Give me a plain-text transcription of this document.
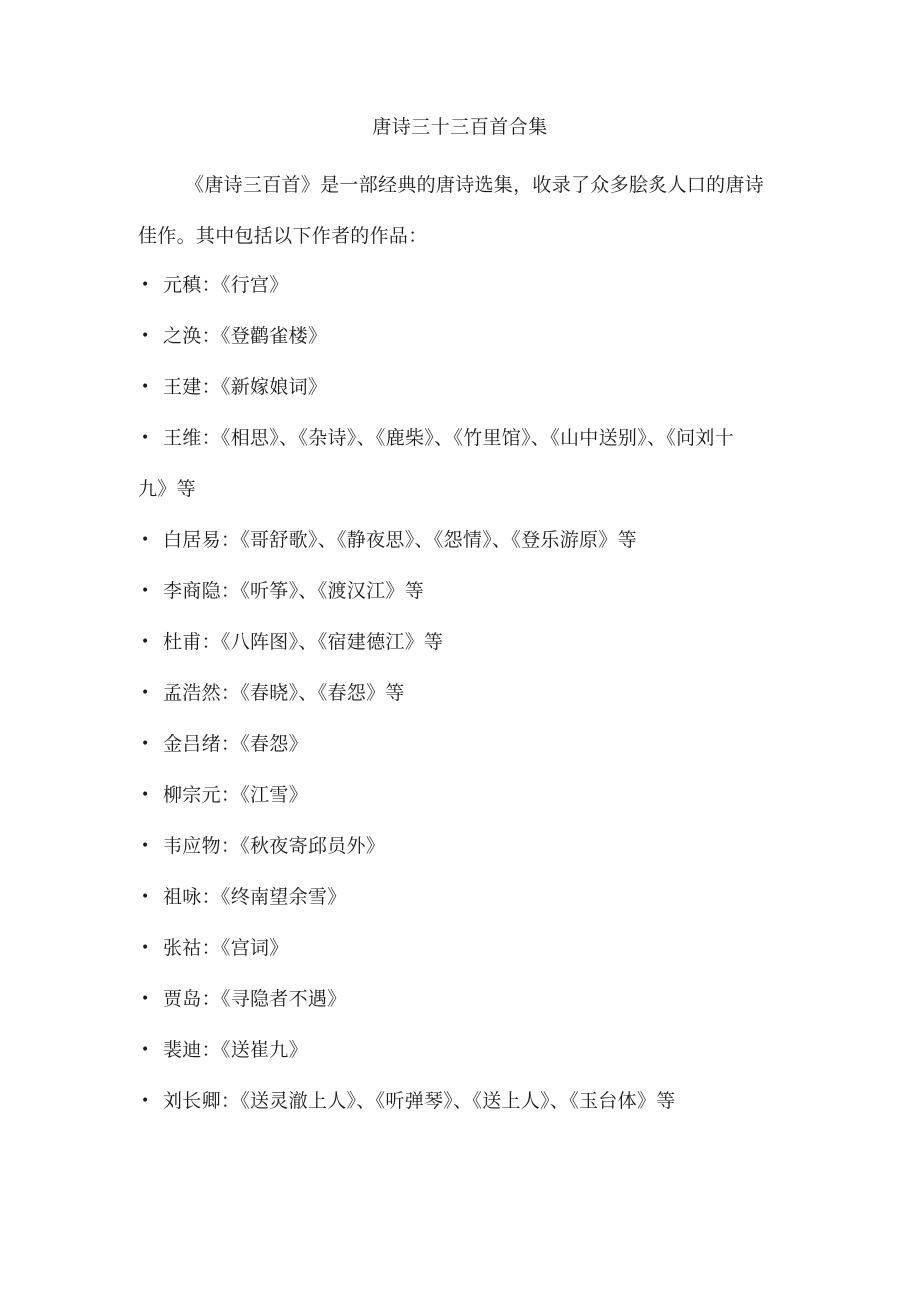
唐诗三十三百首合集
《唐诗三百首》是一部经典的唐诗选集，收录了众多脍炙人口的唐诗佳作。其中包括以下作者的作品：
• 元稹：《行宫》
• 之涣：《登鹳雀楼》
• 王建：《新嫁娘词》
• 王维：《相思》、《杂诗》、《鹿柴》、《竹里馆》、《山中送别》、《问刘十九》等
• 白居易：《哥舒歌》、《静夜思》、《怨情》、《登乐游原》等
• 李商隐：《听筝》、《渡汉江》等
• 杜甫：《八阵图》、《宿建德江》等
• 孟浩然：《春晓》、《春怨》等
• 金吕绪：《春怨》
• 柳宗元：《江雪》
• 韦应物：《秋夜寄邱员外》
• 祖咏：《终南望余雪》
• 张祜：《宫词》
• 贾岛：《寻隐者不遇》
• 裴迪：《送崔九》
• 刘长卿：《送灵澈上人》、《听弹琴》、《送上人》、《玉台体》等
